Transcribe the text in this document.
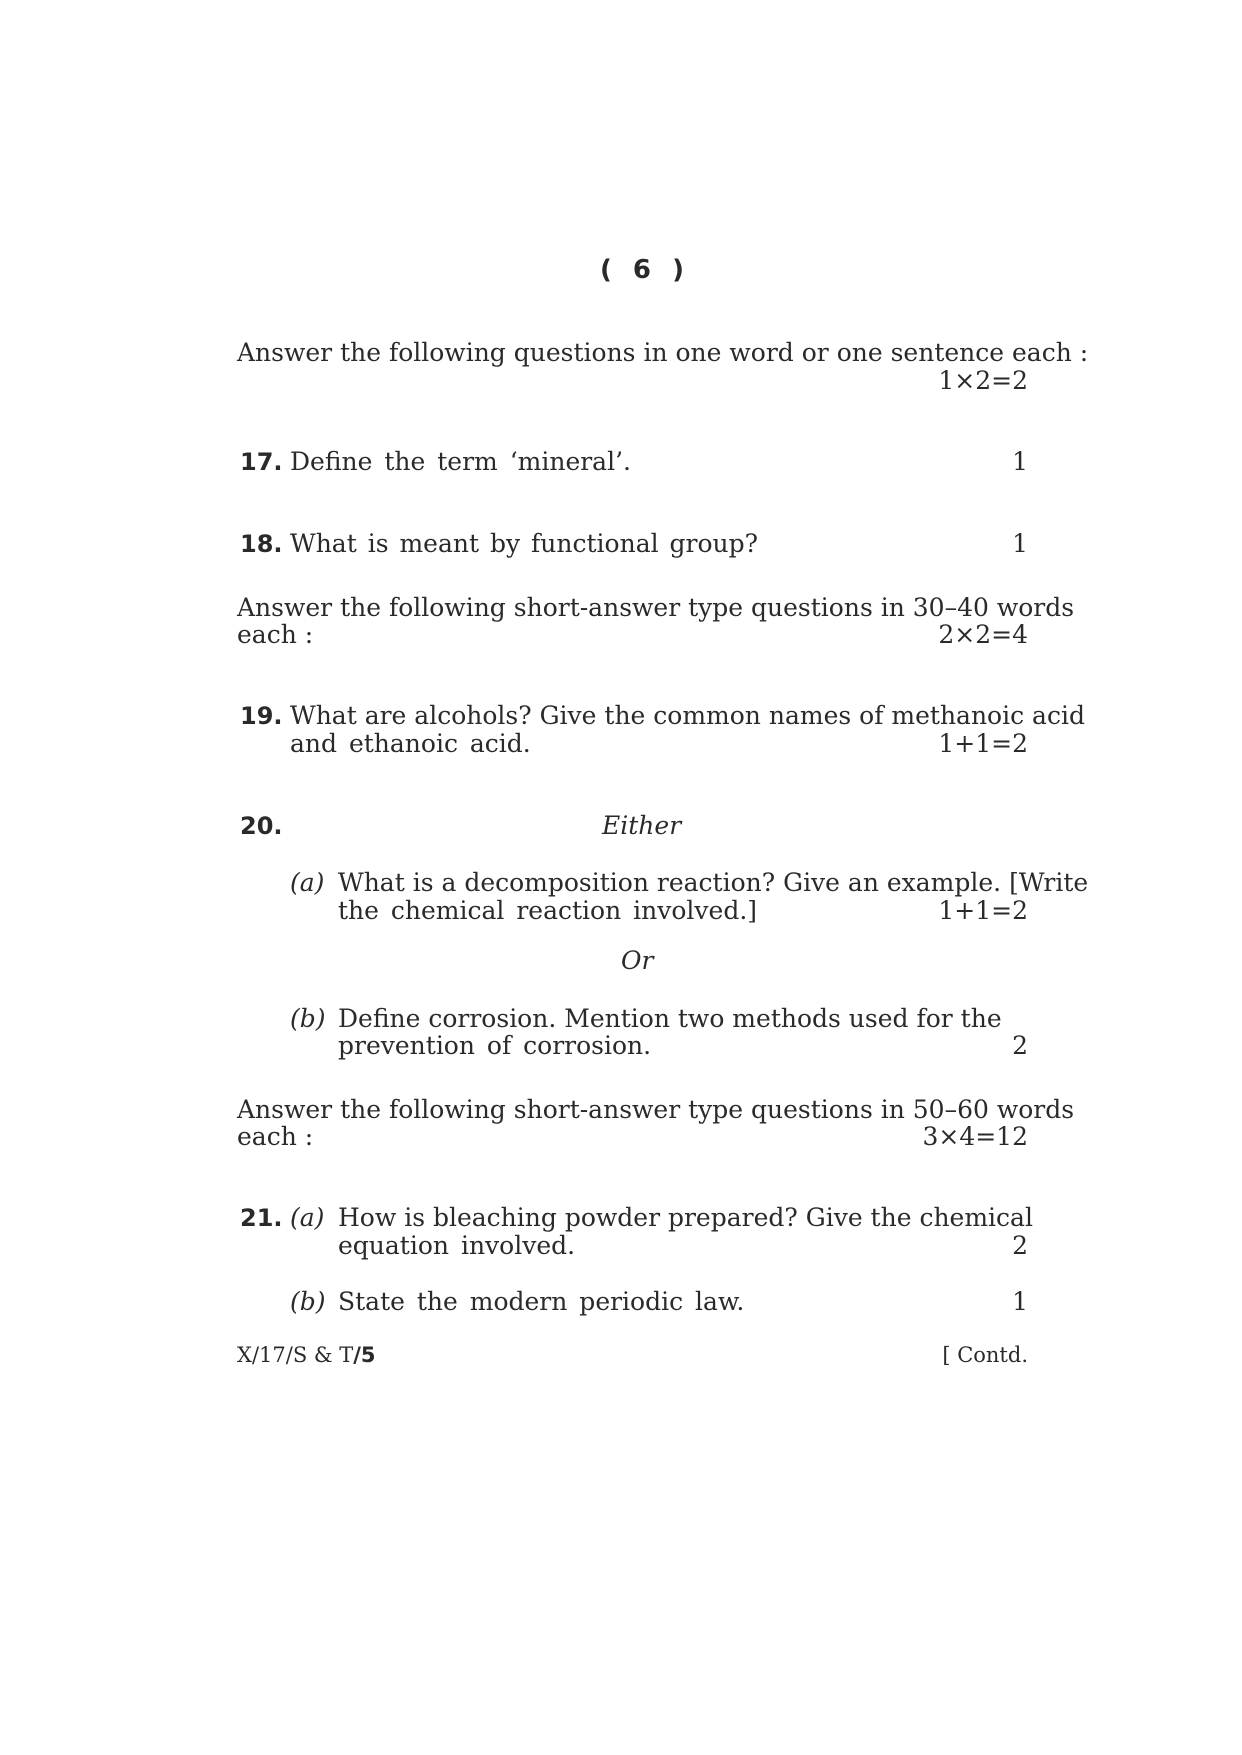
( 6 )
Answer the following questions in one word or one sentence each :
1×2=2
17. Define the term ‘mineral’.	1
18. What is meant by functional group?	1
Answer the following short-answer type questions in 30–40 words
each :	2×2=4
19. What are alcohols? Give the common names of methanoic acid
and ethanoic acid.	1+1=2
20.	Either
(a) What is a decomposition reaction? Give an example. [Write
the chemical reaction involved.]	1+1=2
Or
(b) Define corrosion. Mention two methods used for the
prevention of corrosion.	2
Answer the following short-answer type questions in 50–60 words
each :	3×4=12
21. (a) How is bleaching powder prepared? Give the chemical
equation involved.	2
(b) State the modern periodic law.	1
X/17/S & T/5	[ Contd.
